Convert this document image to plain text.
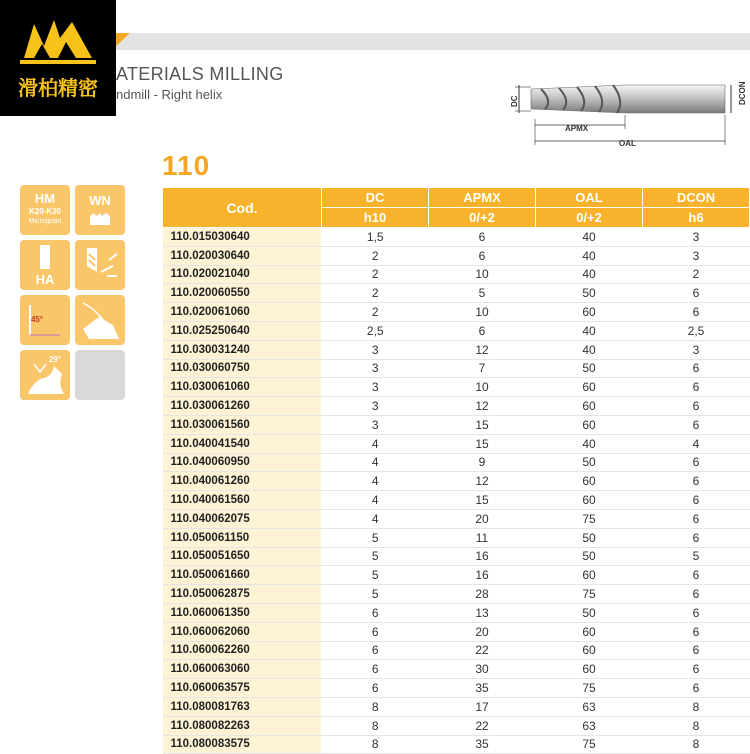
滑柏精密
ATERIALS MILLING
ndmill - Right helix
110
DC	DCON
APMX
OAL
HM
K20-K30
Micrograin
WN
HA
45°
25°
29°
Cod.	DC	APMX	OAL	DCON
	h10	0/+2	0/+2	h6
110.015030640	1,5	6	40	3
110.020030640	2	6	40	3
110.020021040	2	10	40	2
110.020060550	2	5	50	6
110.020061060	2	10	60	6
110.025250640	2,5	6	40	2,5
110.030031240	3	12	40	3
110.030060750	3	7	50	6
110.030061060	3	10	60	6
110.030061260	3	12	60	6
110.030061560	3	15	60	6
110.040041540	4	15	40	4
110.040060950	4	9	50	6
110.040061260	4	12	60	6
110.040061560	4	15	60	6
110.040062075	4	20	75	6
110.050061150	5	11	50	6
110.050051650	5	16	50	5
110.050061660	5	16	60	6
110.050062875	5	28	75	6
110.060061350	6	13	50	6
110.060062060	6	20	60	6
110.060062260	6	22	60	6
110.060063060	6	30	60	6
110.060063575	6	35	75	6
110.080081763	8	17	63	8
110.080082263	8	22	63	8
110.080083575	8	35	75	8
